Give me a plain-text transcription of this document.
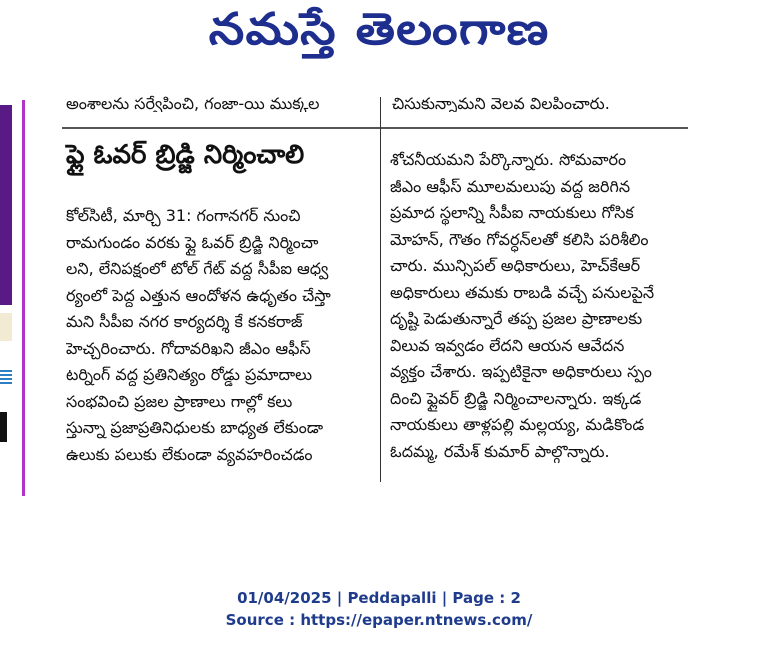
నమస్తే తెలంగాణ
అంశాలను సర్వేపించి, గంజా-యి ముక్కల	చిసుకున్నామని వెలవ విలపించారు.
ఫ్లై ఓవర్ బ్రిడ్జి నిర్మించాలి
కోల్‌సిటీ, మార్చి 31: గంగానగర్ నుంచి
రామగుండం వరకు ఫ్లై ఓవర్ బ్రిడ్జి నిర్మించా
లని, లేనిపక్షంలో టోల్ గేట్ వద్ద సీపీఐ ఆధ్వ
ర్యంలో పెద్ద ఎత్తున ఆందోళన ఉధృతం చేస్తా
మని సీపీఐ నగర కార్యదర్శి కే కనకరాజ్
హెచ్చరించారు. గోదావరిఖని జీఎం ఆఫీస్
టర్నింగ్ వద్ద ప్రతినిత్యం రోడ్డు ప్రమాదాలు
సంభవించి ప్రజల ప్రాణాలు గాల్లో కలు
స్తున్నా ప్రజాప్రతినిధులకు బాధ్యత లేకుండా
ఉలుకు పలుకు లేకుండా వ్యవహరించడం
శోచనీయమని పేర్కొన్నారు. సోమవారం
జీఎం ఆఫీస్ మూలమలుపు వద్ద జరిగిన
ప్రమాద స్థలాన్ని సీపీఐ నాయకులు గోసిక
మోహన్, గౌతం గోవర్ధన్‌లతో కలిసి పరిశీలిం
చారు. మున్సిపల్ అధికారులు, హెచ్‌కేఆర్
అధికారులు తమకు రాబడి వచ్చే పనులపైనే
దృష్టి పెడుతున్నారే తప్ప ప్రజల ప్రాణాలకు
విలువ ఇవ్వడం లేదని ఆయన ఆవేదన
వ్యక్తం చేశారు. ఇప్పటికైనా అధికారులు స్పం
దించి ఫ్లైవర్ బ్రిడ్జి నిర్మించాలన్నారు. ఇక్కడ
నాయకులు తాళ్లపల్లి మల్లయ్య, మడికొండ
ఓదమ్మ, రమేశ్ కుమార్ పాల్గొన్నారు.
01/04/2025 | Peddapalli | Page : 2
Source : https://epaper.ntnews.com/
